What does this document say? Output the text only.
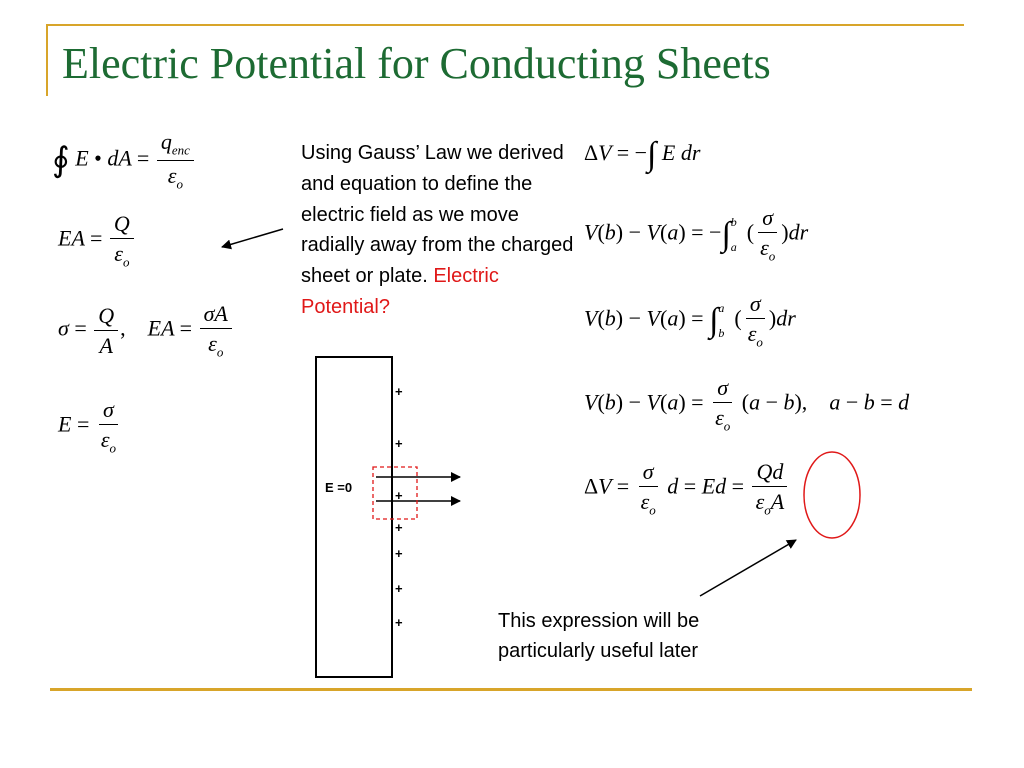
Electric Potential for Conducting Sheets
∮ E • dA = $\frac{q_{enc}}{\varepsilon_o}$
EA = $\frac{Q}{\varepsilon_o}$
$\sigma = \frac{Q}{A}$ ,    EA = $\frac{\sigma A}{\varepsilon_o}$
$E = \frac{\sigma}{\varepsilon_o}$
Using Gauss’ Law we derived and equation to define the electric field as we move radially away from the charged sheet or plate. Electric Potential?
ΔV = −∫ E dr
V(b) − V(a) = −∫ b
a
( $\frac{\sigma}{\varepsilon_o} )dr$
V(b) − V(a) = ∫ a
b
( $\frac{\sigma}{\varepsilon_o} )dr$
$V(b) - V(a) = \frac{\sigma}{\varepsilon_o} (a - b)$,    a − b = d
$\Delta V = \frac{\sigma}{\varepsilon_o}$ $d = Ed = \frac{Qd}{\varepsilon_oA}$
E =0
+
+
+
+
+
+
+	This expression will be particularly useful later
